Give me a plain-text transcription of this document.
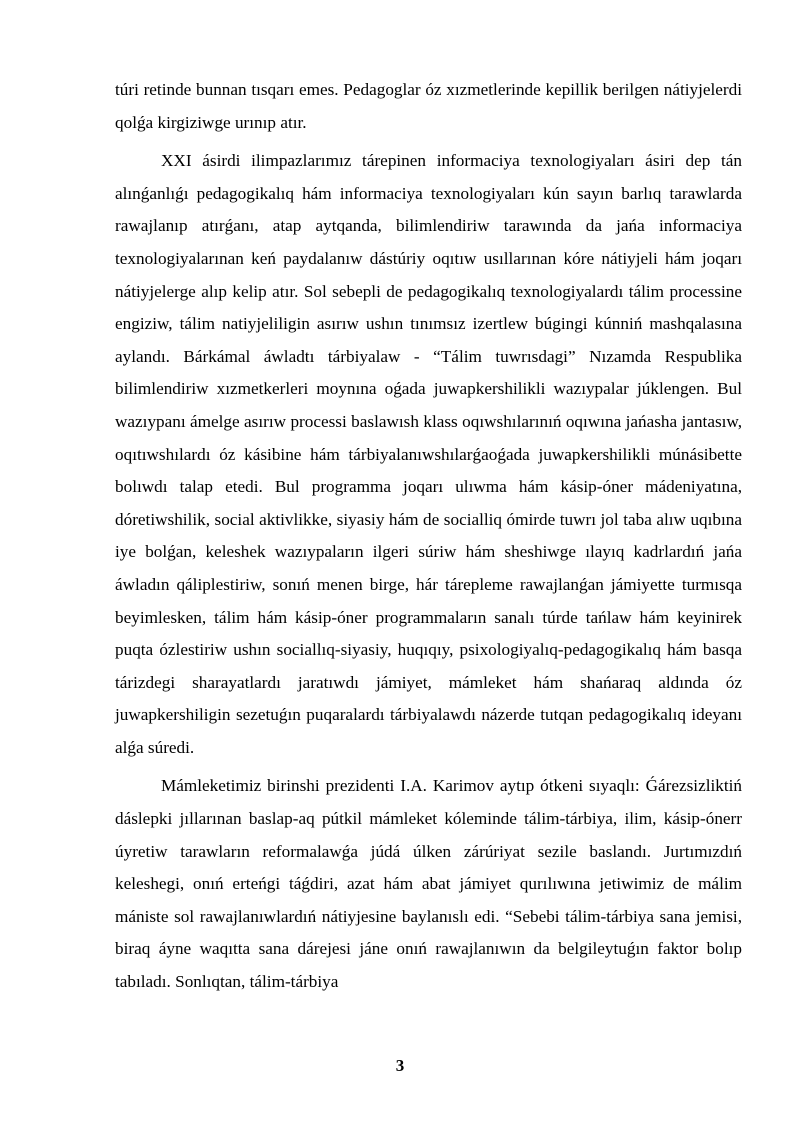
túri retinde bunnan tısqarı emes. Pedagoglar óz xızmetlerinde kepillik berilgen nátiyjelerdi qolǵa kirgiziwge urınıp atır.

XXI ásirdi ilimpazlarımız tárepinen informaciya texnologiyaları ásiri dep tán alınǵanlıǵı pedagogikalıq hám informaciya texnologiyaları kún sayın barlıq tarawlarda rawajlanıp atırǵanı, atap aytqanda, bilimlendiriw tarawında da jańa informaciya texnologiyalarınan keń paydalanıw dástúriy oqıtıw usıllarınan kóre nátiyjeli hám joqarı nátiyjelerge alıp kelip atır. Sol sebepli de pedagogikalıq texnologiyalardı tálim processine engiziw, tálim natiyjeliligin asırıw ushın tınımsız izertlew búgingi kúnniń mashqalasına aylandı. Bárkámal áwladtı tárbiyalaw - “Tálim tuwrısdagi” Nızamda Respublika bilimlendiriw xızmetkerleri moynına oǵada juwapkershilikli wazıypalar júklengen. Bul wazıypanı ámelge asırıw processi baslawısh klass oqıwshılarınıń oqıwına jańasha jantasıw, oqıtıwshılardı óz kásibine hám tárbiyalanıwshılarǵaoǵada juwapkershilikli múnásibette bolıwdı talap etedi. Bul programma joqarı ulıwma hám kásip-óner mádeniyatına, dóretiwshilik, social aktivlikke, siyasiy hám de socialliq ómirde tuwrı jol taba alıw uqıbına iye bolǵan, keleshek wazıypaların ilgeri súriw hám sheshiwge ılayıq kadrlardıń jańa áwladın qáliplestiriw, sonıń menen birge, hár tárepleme rawajlanǵan jámiyette turmısqa beyimlesken, tálim hám kásip-óner programmaların sanalı túrde tańlaw hám keyinirek puqta ózlestiriw ushın sociallıq-siyasiy, huqıqıy, psixologiyalıq-pedagogikalıq hám basqa tárizdegi sharayatlardı jaratıwdı jámiyet, mámleket hám shańaraq aldında óz juwapkershiligin sezetuǵın puqaralardı tárbiyalawdı názerde tutqan pedagogikalıq ideyanı alǵa súredi.

Mámleketimiz birinshi prezidenti I.A. Karimov aytıp ótkeni sıyaqlı: Ǵárezsizliktiń dáslepki jıllarınan baslap-aq pútkil mámleket kóleminde tálim-tárbiya, ilim, kásip-ónerr úyretiw tarawların reformalawǵa júdá úlken zárúriyat sezile baslandı. Jurtımızdıń keleshegi, onıń erteńgi táǵdiri, azat hám abat jámiyet qurılıwına jetiwimiz de málim mániste sol rawajlanıwlardıń nátiyjesine baylanıslı edi. “Sebebi tálim-tárbiya sana jemisi, biraq áyne waqıtta sana dárejesi jáne onıń rawajlanıwın da belgileytuǵın faktor bolıp tabıladı. Sonlıqtan, tálim-tárbiya

3
